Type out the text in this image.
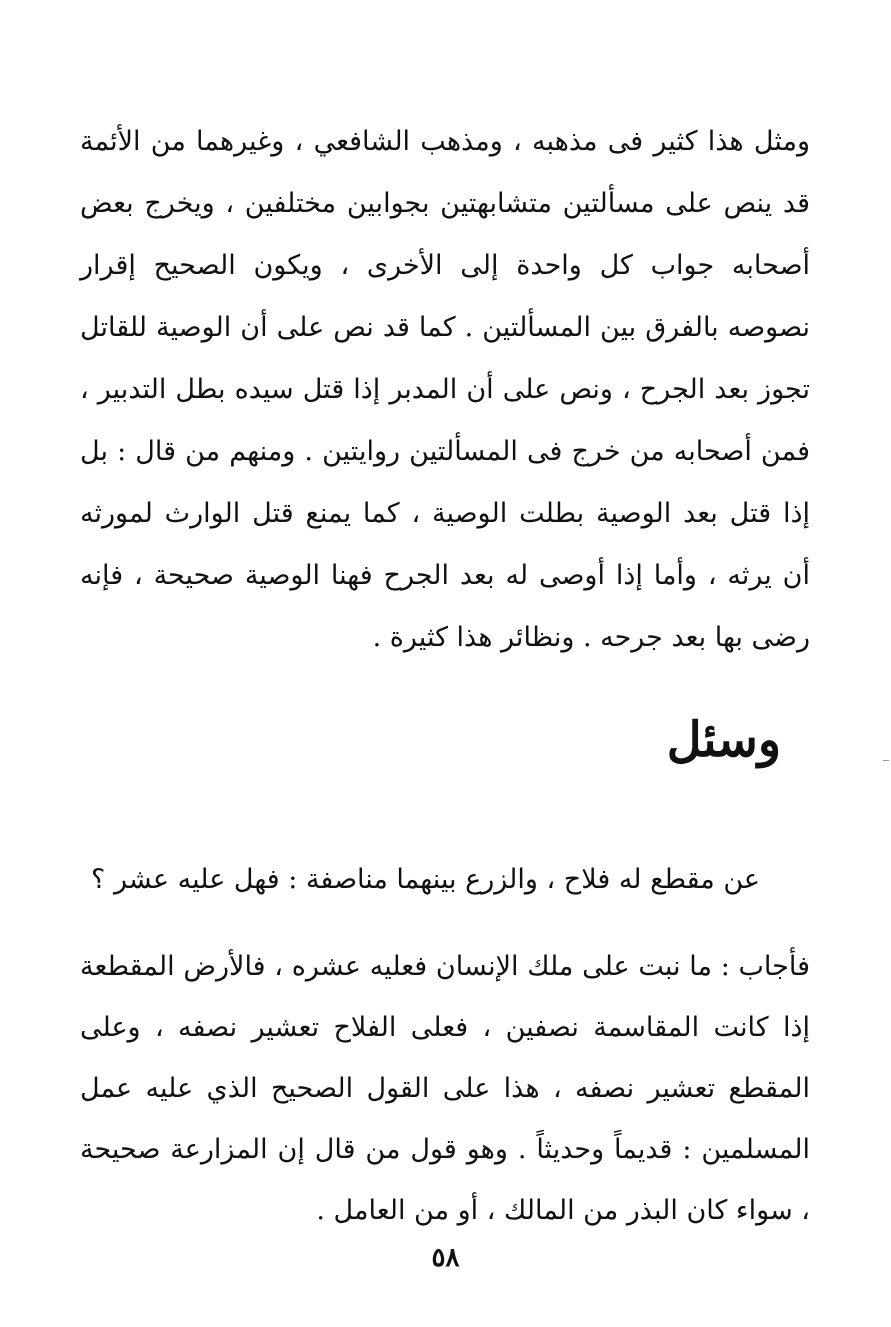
ومثل هذا كثير فى مذهبه ، ومذهب الشافعي ، وغيرهما من الأئمة قد ينص على مسألتين متشابهتين بجوابين مختلفين ، ويخرج بعض أصحابه جواب كل واحدة إلى الأخرى ، ويكون الصحيح إقرار نصوصه بالفرق بين المسألتين . كما قد نص على أن الوصية للقاتل تجوز بعد الجرح ، ونص على أن المدبر إذا قتل سيده بطل التدبير ، فمن أصحابه من خرج فى المسألتين روايتين . ومنهم من قال : بل إذا قتل بعد الوصية بطلت الوصية ، كما يمنع قتل الوارث لمورثه أن يرثه ، وأما إذا أوصى له بعد الجرح فهنا الوصية صحيحة ، فإنه رضى بها بعد جرحه . ونظائر هذا كثيرة .

وسئل

عن مقطع له فلاح ، والزرع بينهما مناصفة : فهل عليه عشر ؟

فأجاب : ما نبت على ملك الإنسان فعليه عشره ، فالأرض المقطعة إذا كانت المقاسمة نصفين ، فعلى الفلاح تعشير نصفه ، وعلى المقطع تعشير نصفه ، هذا على القول الصحيح الذي عليه عمل المسلمين : قديماً وحديثاً . وهو قول من قال إن المزارعة صحيحة ، سواء كان البذر من المالك ، أو من العامل .

٥٨
